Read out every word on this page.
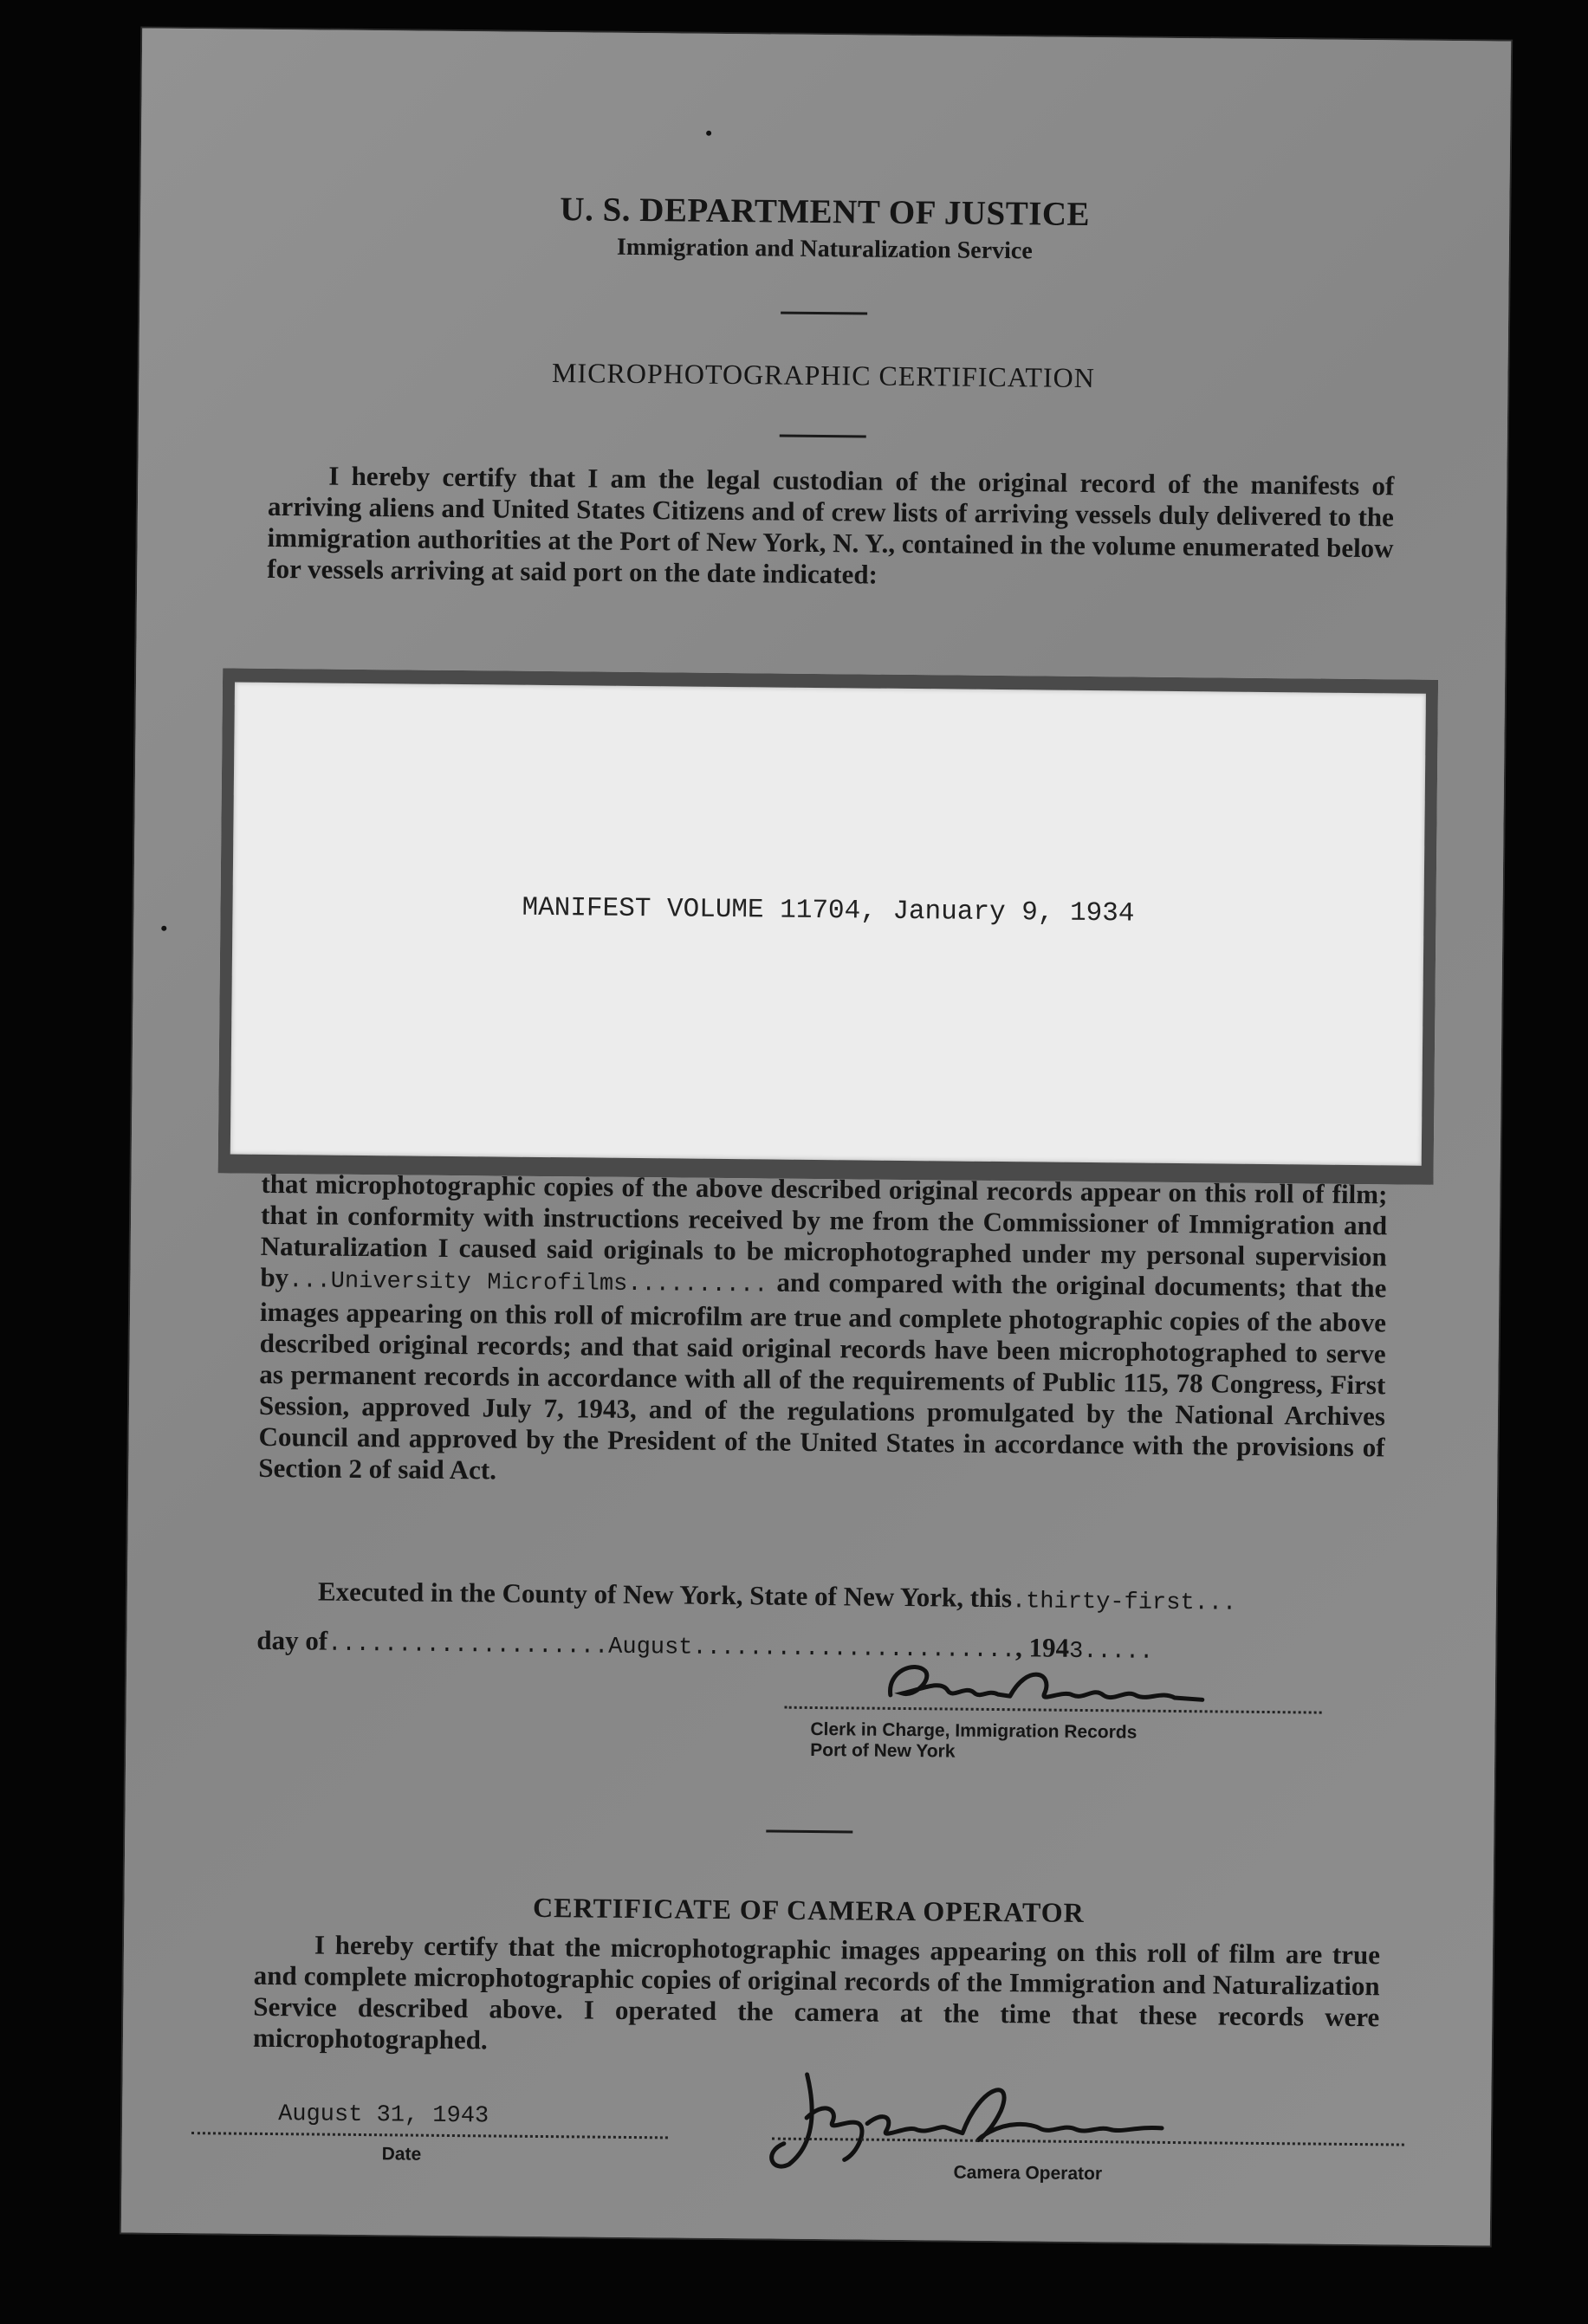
U. S. DEPARTMENT OF JUSTICE
Immigration and Naturalization Service
MICROPHOTOGRAPHIC CERTIFICATION
I hereby certify that I am the legal custodian of the original record of the manifests of arriving aliens and United States Citizens and of crew lists of arriving vessels duly delivered to the immigration authorities at the Port of New York, N. Y., contained in the volume enumerated below for vessels arriving at said port on the date indicated:
MANIFEST VOLUME 11704, January 9, 1934
that microphotographic copies of the above described original records appear on this roll of film; that in conformity with instructions received by me from the Commissioner of Immigration and Naturalization I caused said originals to be microphotographed under my personal supervision by...University Microfilms.......... and compared with the original documents; that the images appearing on this roll of microfilm are true and complete photographic copies of the above described original records; and that said original records have been microphotographed to serve as permanent records in accordance with all of the requirements of Public 115, 78 Congress, First Session, approved July 7, 1943, and of the regulations promulgated by the National Archives Council and approved by the President of the United States in accordance with the provisions of Section 2 of said Act.
Executed in the County of New York, State of New York, this.thirty-first...
day of....................August......................., 1943.....
Clerk in Charge, Immigration Records
Port of New York
CERTIFICATE OF CAMERA OPERATOR
I hereby certify that the microphotographic images appearing on this roll of film are true and complete microphotographic copies of original records of the Immigration and Naturalization Service described above. I operated the camera at the time that these records were microphotographed.
August 31, 1943
Date
Camera Operator
